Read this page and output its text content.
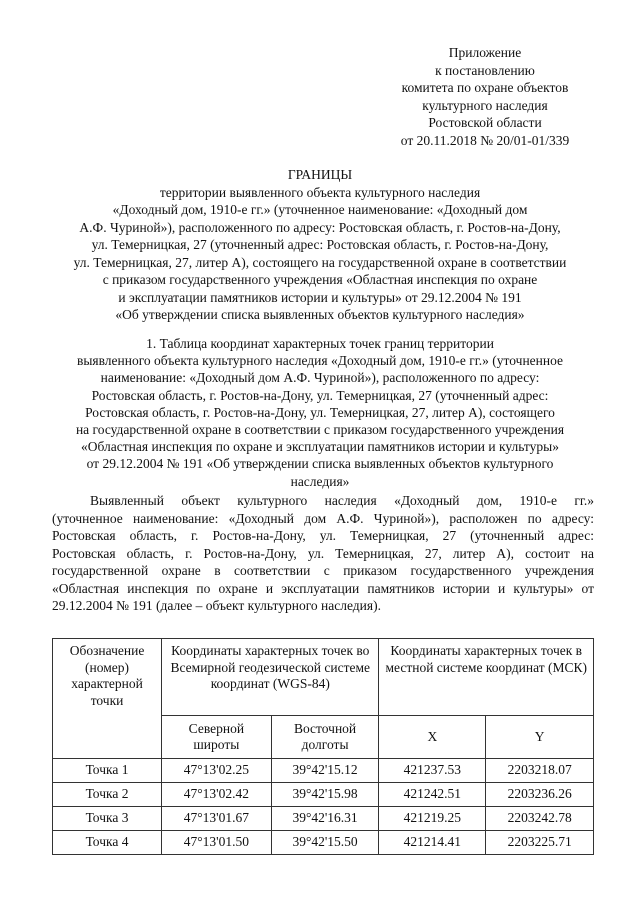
Приложение
к постановлению
комитета по охране объектов
культурного наследия
Ростовской области
от 20.11.2018 № 20/01-01/339
ГРАНИЦЫ
территории выявленного объекта культурного наследия
«Доходный дом, 1910-е гг.» (уточненное наименование: «Доходный дом
А.Ф. Чуриной»), расположенного по адресу: Ростовская область, г. Ростов-на-Дону,
ул. Темерницкая, 27 (уточненный адрес: Ростовская область, г. Ростов-на-Дону,
ул. Темерницкая, 27, литер А), состоящего на государственной охране в соответствии
с приказом государственного учреждения «Областная инспекция по охране
и эксплуатации памятников истории и культуры» от 29.12.2004 № 191
«Об утверждении списка выявленных объектов культурного наследия»
1. Таблица координат характерных точек границ территории
выявленного объекта культурного наследия «Доходный дом, 1910-е гг.» (уточненное
наименование: «Доходный дом А.Ф. Чуриной»), расположенного по адресу:
Ростовская область, г. Ростов-на-Дону, ул. Темерницкая, 27 (уточненный адрес:
Ростовская область, г. Ростов-на-Дону, ул. Темерницкая, 27, литер А), состоящего
на государственной охране в соответствии с приказом государственного учреждения
«Областная инспекция по охране и эксплуатации памятников истории и культуры»
от 29.12.2004 № 191 «Об утверждении списка выявленных объектов культурного
наследия»
Выявленный объект культурного наследия «Доходный дом, 1910-е гг.»
(уточненное наименование: «Доходный дом А.Ф. Чуриной»), расположен по адресу:
Ростовская область, г. Ростов-на-Дону, ул. Темерницкая, 27 (уточненный адрес:
Ростовская область, г. Ростов-на-Дону, ул. Темерницкая, 27, литер А), состоит на
государственной охране в соответствии с приказом государственного учреждения
«Областная инспекция по охране и эксплуатации памятников истории и культуры» от
29.12.2004 № 191 (далее – объект культурного наследия).
Обозначение (номер) характерной точки	Координаты характерных точек во Всемирной геодезической системе координат (WGS-84)		Координаты характерных точек в местной системе координат (МСК)	
	Северной широты	Восточной долготы	X	Y
Точка 1	47°13'02.25	39°42'15.12	421237.53	2203218.07
Точка 2	47°13'02.42	39°42'15.98	421242.51	2203236.26
Точка 3	47°13'01.67	39°42'16.31	421219.25	2203242.78
Точка 4	47°13'01.50	39°42'15.50	421214.41	2203225.71
